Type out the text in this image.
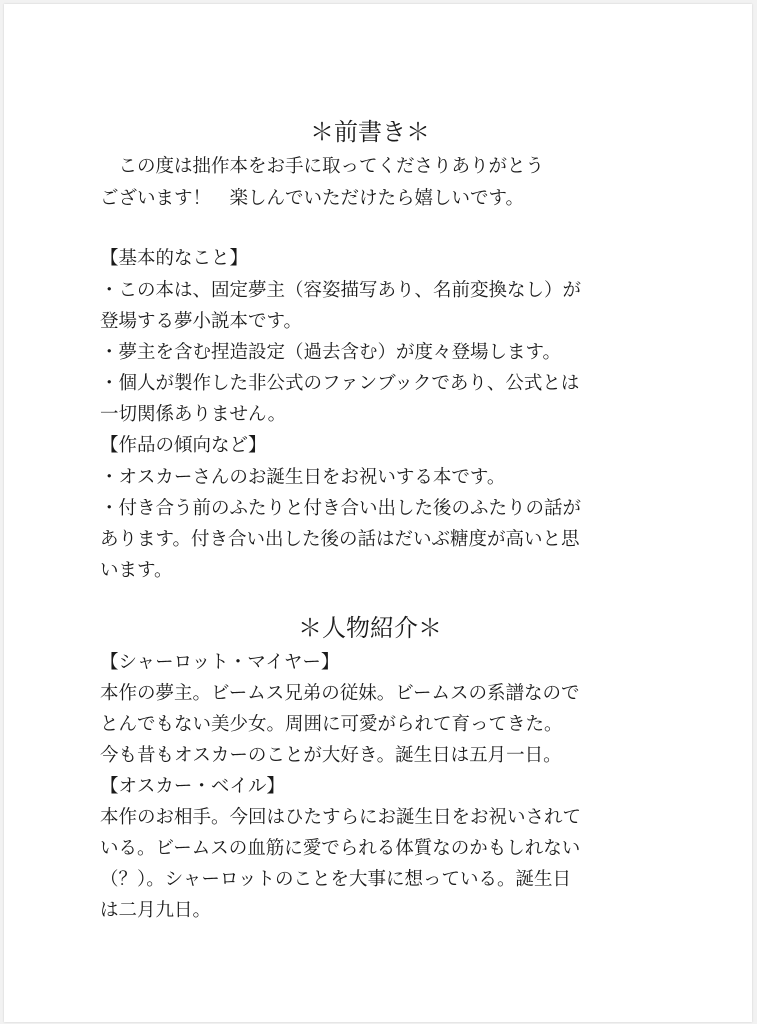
＊前書き＊
　この度は拙作本をお手に取ってくださりありがとう
ございます！　楽しんでいただけたら嬉しいです。
【基本的なこと】
・この本は、固定夢主（容姿描写あり、名前変換なし）が
登場する夢小説本です。
・夢主を含む捏造設定（過去含む）が度々登場します。
・個人が製作した非公式のファンブックであり、公式とは
一切関係ありません。
【作品の傾向など】
・オスカーさんのお誕生日をお祝いする本です。
・付き合う前のふたりと付き合い出した後のふたりの話が
あります。付き合い出した後の話はだいぶ糖度が高いと思
います。
＊人物紹介＊
【シャーロット・マイヤー】
本作の夢主。ビームス兄弟の従妹。ビームスの系譜なので
とんでもない美少女。周囲に可愛がられて育ってきた。
今も昔もオスカーのことが大好き。誕生日は五月一日。
【オスカー・ベイル】
本作のお相手。今回はひたすらにお誕生日をお祝いされて
いる。ビームスの血筋に愛でられる体質なのかもしれない
（？）。シャーロットのことを大事に想っている。誕生日
は二月九日。
